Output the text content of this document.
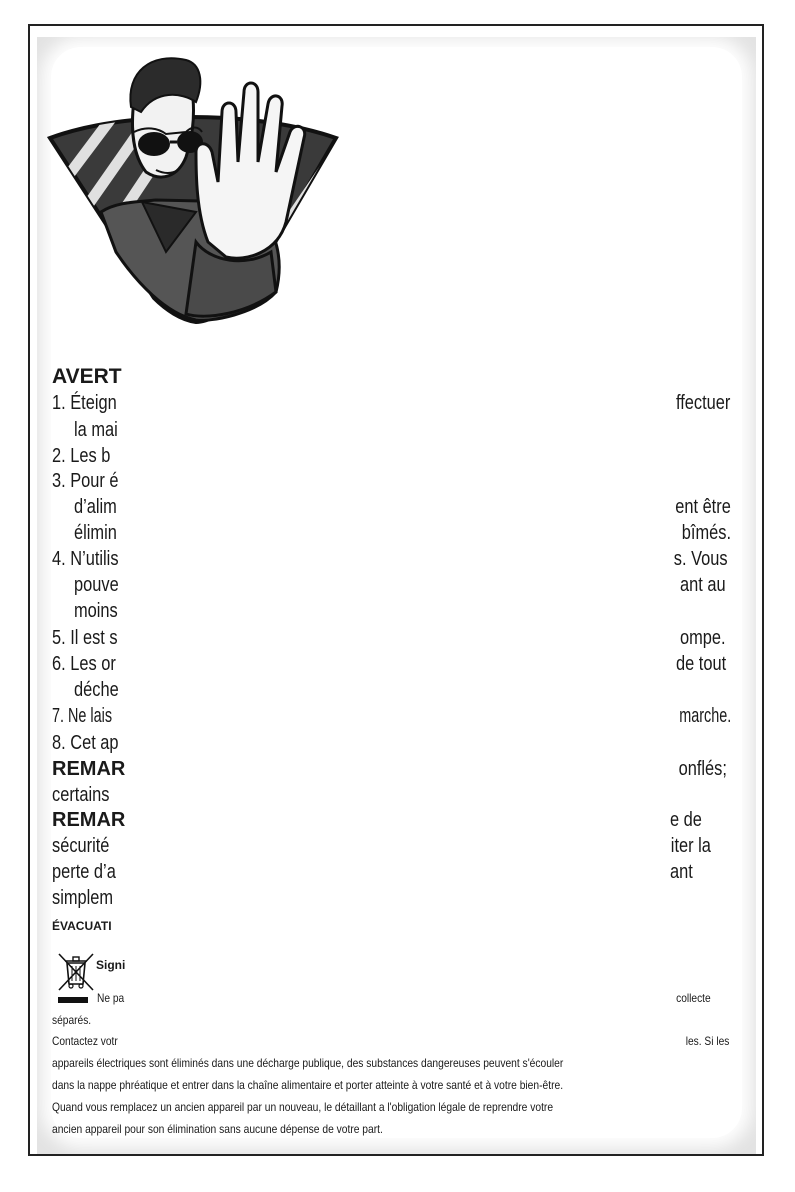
AVERT
1. Éteign
la mai
2. Les b
3. Pour é
d’alim
élimin
4. N’utilis
pouve
moins
5. Il est s
6. Les or
déche
7. Ne lais
8. Cet ap
REMAR
certains
REMAR
sécurité
perte d’a
simplem
ffectuer
ent être
bîmés.
s. Vous
ant au
ompe.
de tout
marche.
onflés;
e de
iter la
ant
ÉVACUATI
Signi
Ne pa	collecte
séparés.
Contactez votr	les. Si les
appareils électriques sont éliminés dans une décharge publique, des substances dangereuses peuvent s'écouler
dans la nappe phréatique et entrer dans la chaîne alimentaire et porter atteinte à votre santé et à votre bien-être.
Quand vous remplacez un ancien appareil par un nouveau, le détaillant a l'obligation légale de reprendre votre
ancien appareil pour son élimination sans aucune dépense de votre part.
